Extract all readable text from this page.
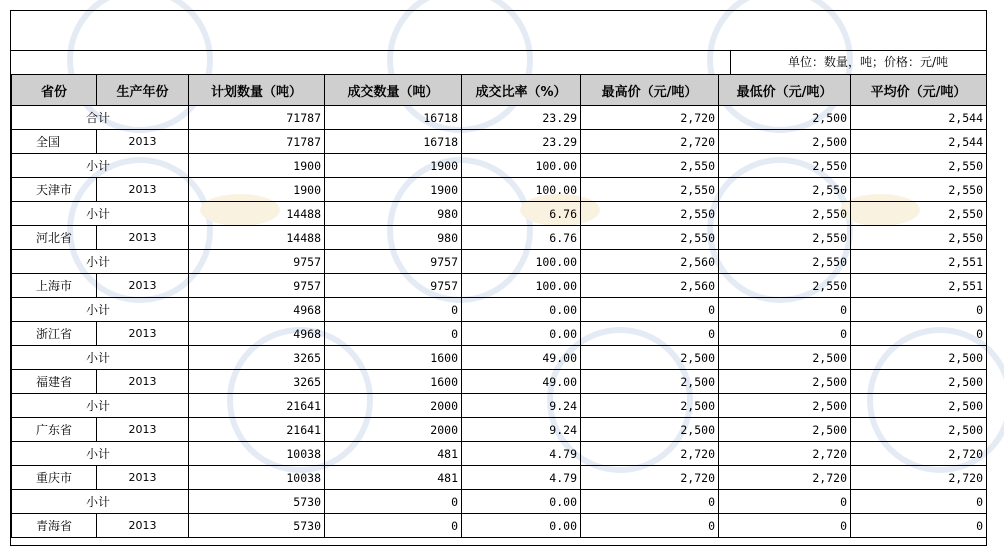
单位：数量，吨；价格：元/吨
省份	生产年份	计划数量（吨）	成交数量（吨）	成交比率（%）	最高价（元/吨）	最低价（元/吨）	平均价（元/吨）
合计		71787	16718	23.29	2,720	2,500	2,544
全国	2013	71787	16718	23.29	2,720	2,500	2,544
小计		1900	1900	100.00	2,550	2,550	2,550
天津市	2013	1900	1900	100.00	2,550	2,550	2,550
小计		14488	980	6.76	2,550	2,550	2,550
河北省	2013	14488	980	6.76	2,550	2,550	2,550
小计		9757	9757	100.00	2,560	2,550	2,551
上海市	2013	9757	9757	100.00	2,560	2,550	2,551
小计		4968	0	0.00	0	0	0
浙江省	2013	4968	0	0.00	0	0	0
小计		3265	1600	49.00	2,500	2,500	2,500
福建省	2013	3265	1600	49.00	2,500	2,500	2,500
小计		21641	2000	9.24	2,500	2,500	2,500
广东省	2013	21641	2000	9.24	2,500	2,500	2,500
小计		10038	481	4.79	2,720	2,720	2,720
重庆市	2013	10038	481	4.79	2,720	2,720	2,720
小计		5730	0	0.00	0	0	0
青海省	2013	5730	0	0.00	0	0	0
